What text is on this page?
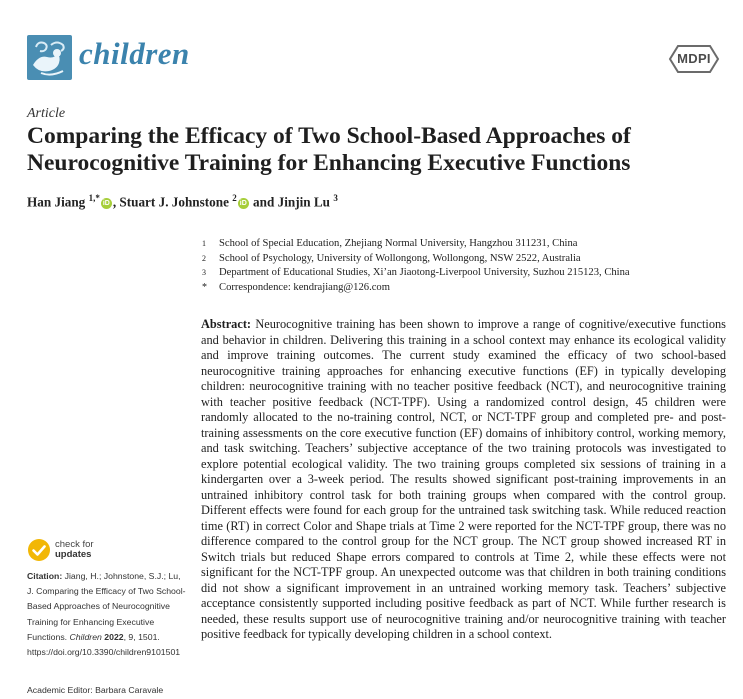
children	MDPI
Article
Comparing the Efficacy of Two School-Based Approaches of Neurocognitive Training for Enhancing Executive Functions
Han Jiang $^{1,*}$iD , Stuart J. Johnstone $^2$iD and Jinjin Lu $^3$
1	School of Special Education, Zhejiang Normal University, Hangzhou 311231, China
2	School of Psychology, University of Wollongong, Wollongong, NSW 2522, Australia
3	Department of Educational Studies, Xi’an Jiaotong-Liverpool University, Suzhou 215123, China
*	Correspondence: kendrajiang@126.com
Abstract: Neurocognitive training has been shown to improve a range of cognitive/executive functions and behavior in children. Delivering this training in a school context may enhance its ecological validity and improve training outcomes. The current study examined the efficacy of two school-based neurocognitive training approaches for enhancing executive functions (EF) in typically developing children: neurocognitive training with no teacher positive feedback (NCT), and neurocognitive training with teacher positive feedback (NCT-TPF). Using a randomized control design, 45 children were randomly allocated to the no-training control, NCT, or NCT-TPF group and completed pre- and post-training assessments on the core executive function (EF) domains of inhibitory control, working memory, and task switching. Teachers’ subjective acceptance of the two training protocols was investigated to explore potential ecological validity. The two training groups completed six sessions of training in a kindergarten over a 3-week period. The results showed significant post-training improvements in an untrained inhibitory control task for both training groups when compared with the control group. Different effects were found for each group for the untrained task switching task. While reduced reaction time (RT) in correct Color and Shape trials at Time 2 were reported for the NCT-TPF group, there was no difference compared to the control group for the NCT group. The NCT group showed increased RT in Switch trials but reduced Shape errors compared to controls at Time 2, while these effects were not significant for the NCT-TPF group. An unexpected outcome was that children in both training conditions did not show a significant improvement in an untrained working memory task. Teachers’ subjective acceptance consistently supported including positive feedback as part of NCT. While further research is needed, these results support use of neurocognitive training and/or neurocognitive training with teacher positive feedback for typically developing children in a school context.
check for
updates
Citation: Jiang, H.; Johnstone, S.J.; Lu, J. Comparing the Efficacy of Two School-Based Approaches of Neurocognitive Training for Enhancing Executive Functions. Children 2022, 9, 1501. https://doi.org/10.3390/children9101501
Academic Editor: Barbara Caravale
